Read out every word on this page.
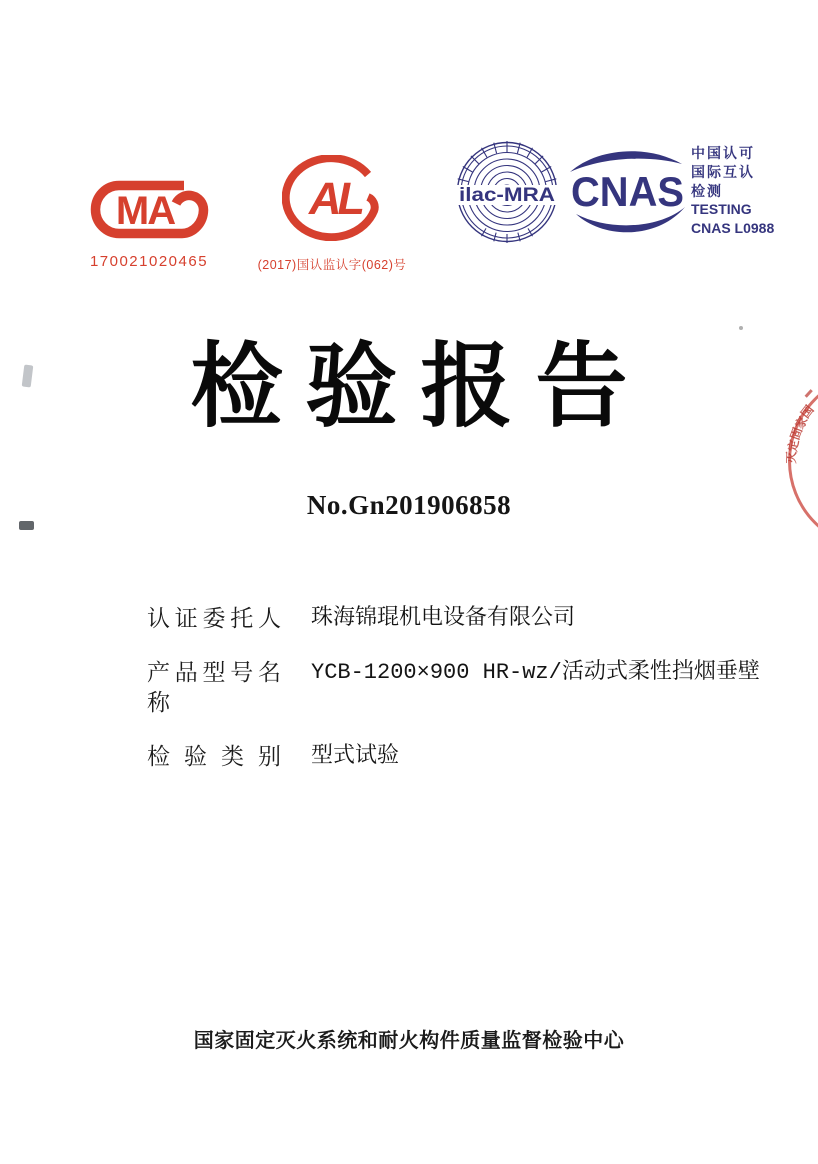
MA
170021020465
AL
(2017)国认监认字(062)号
ilac-MRA CNAS
中国认可
国际互认
检测
TESTING
CNAS L0988
检验报告
No.Gn201906858
认证委托人 珠海锦琨机电设备有限公司
产品型号名称
YCB-1200×900 HR-wz/活动式柔性挡烟垂壁
检验类别 型式试验
国家固定灭火系统和耐火构件质量监督检验中心
国
家
固
定
灭
